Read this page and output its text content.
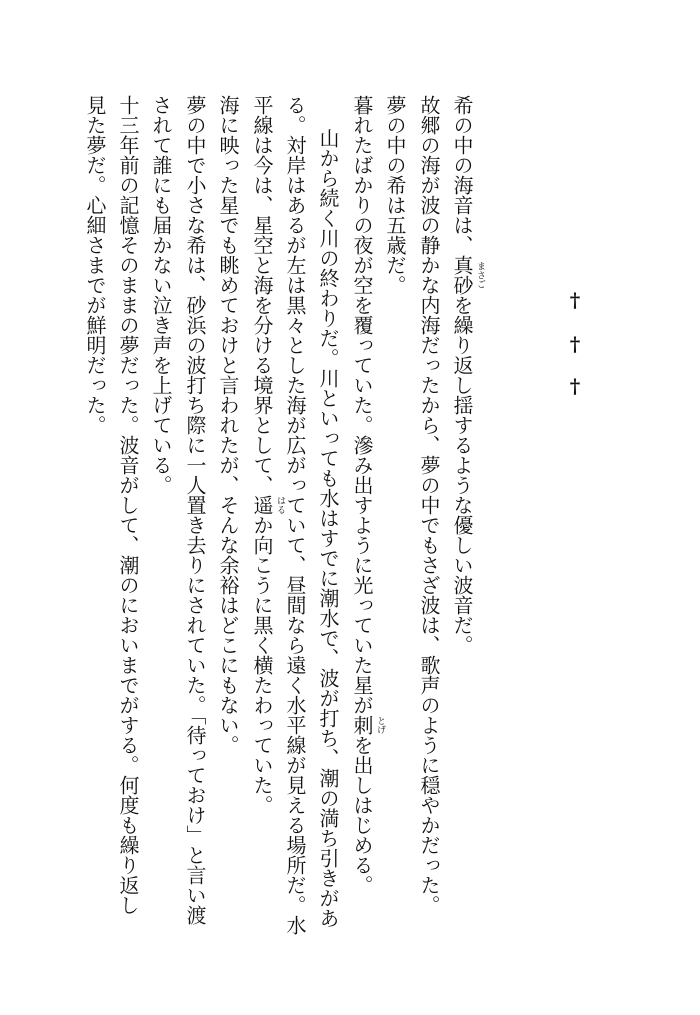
†
†
†
希の中の海音は、真砂 まさご
を繰り返し揺するような優しい波音だ。
故郷の海が波の静かな内海だったから、夢の中でもさざ波は、歌声のように穏やかだった。
夢の中の希は五歳だ。
暮れたばかりの夜が空を覆っていた。滲み出すように光っていた星が刺 とげ
を出しはじめる。
山から続く川の終わりだ。川といっても水はすでに潮水で、波が打ち、潮の満ち引きがあ
る。対岸はあるが左は黒々とした海が広がっていて、昼間なら遠く水平線が見える場所だ。水
平線は今は、星空と海を分ける境界として、遥 はる
か向こうに黒く横たわっていた。
海に映った星でも眺めておけと言われたが、そんな余裕はどこにもない。
夢の中で小さな希は、砂浜の波打ち際に一人置き去りにされていた。「待っておけ」と言い渡
されて誰にも届かない泣き声を上げている。
十三年前の記憶そのままの夢だった。波音がして、潮のにおいまでがする。何度も繰り返し
見た夢だ。心細さまでが鮮明だった。
